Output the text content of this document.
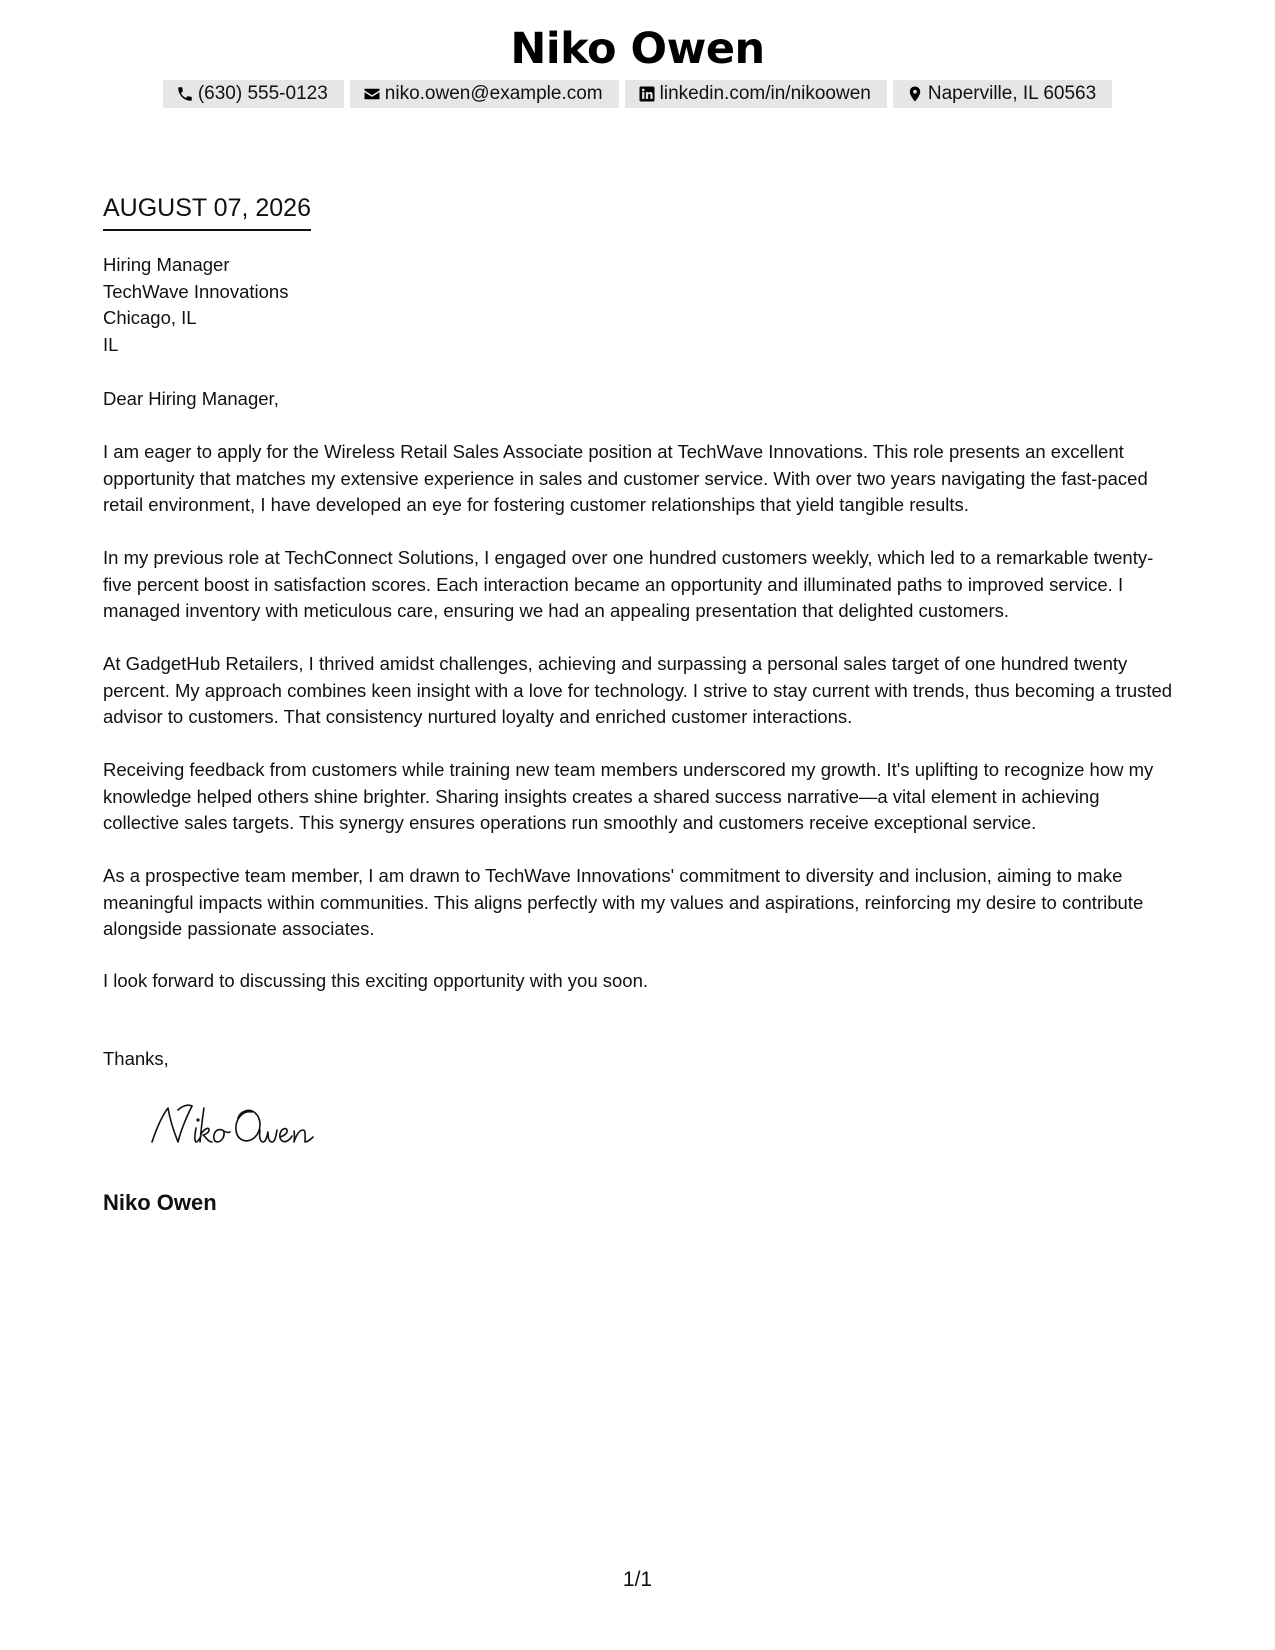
Niko Owen
(630) 555-0123	niko.owen@example.com	linkedin.com/in/nikoowen	Naperville, IL 60563
AUGUST 07, 2026
Hiring Manager
TechWave Innovations
Chicago, IL
IL

Dear Hiring Manager,

I am eager to apply for the Wireless Retail Sales Associate position at TechWave Innovations. This role presents an excellent opportunity that matches my extensive experience in sales and customer service. With over two years navigating the fast-paced retail environment, I have developed an eye for fostering customer relationships that yield tangible results.

In my previous role at TechConnect Solutions, I engaged over one hundred customers weekly, which led to a remarkable twenty-five percent boost in satisfaction scores. Each interaction became an opportunity and illuminated paths to improved service. I managed inventory with meticulous care, ensuring we had an appealing presentation that delighted customers.

At GadgetHub Retailers, I thrived amidst challenges, achieving and surpassing a personal sales target of one hundred twenty percent. My approach combines keen insight with a love for technology. I strive to stay current with trends, thus becoming a trusted advisor to customers. That consistency nurtured loyalty and enriched customer interactions.

Receiving feedback from customers while training new team members underscored my growth. It's uplifting to recognize how my knowledge helped others shine brighter. Sharing insights creates a shared success narrative—a vital element in achieving collective sales targets. This synergy ensures operations run smoothly and customers receive exceptional service.

As a prospective team member, I am drawn to TechWave Innovations' commitment to diversity and inclusion, aiming to make meaningful impacts within communities. This aligns perfectly with my values and aspirations, reinforcing my desire to contribute alongside passionate associates.

I look forward to discussing this exciting opportunity with you soon.

Thanks,

Niko Owen
1/1
